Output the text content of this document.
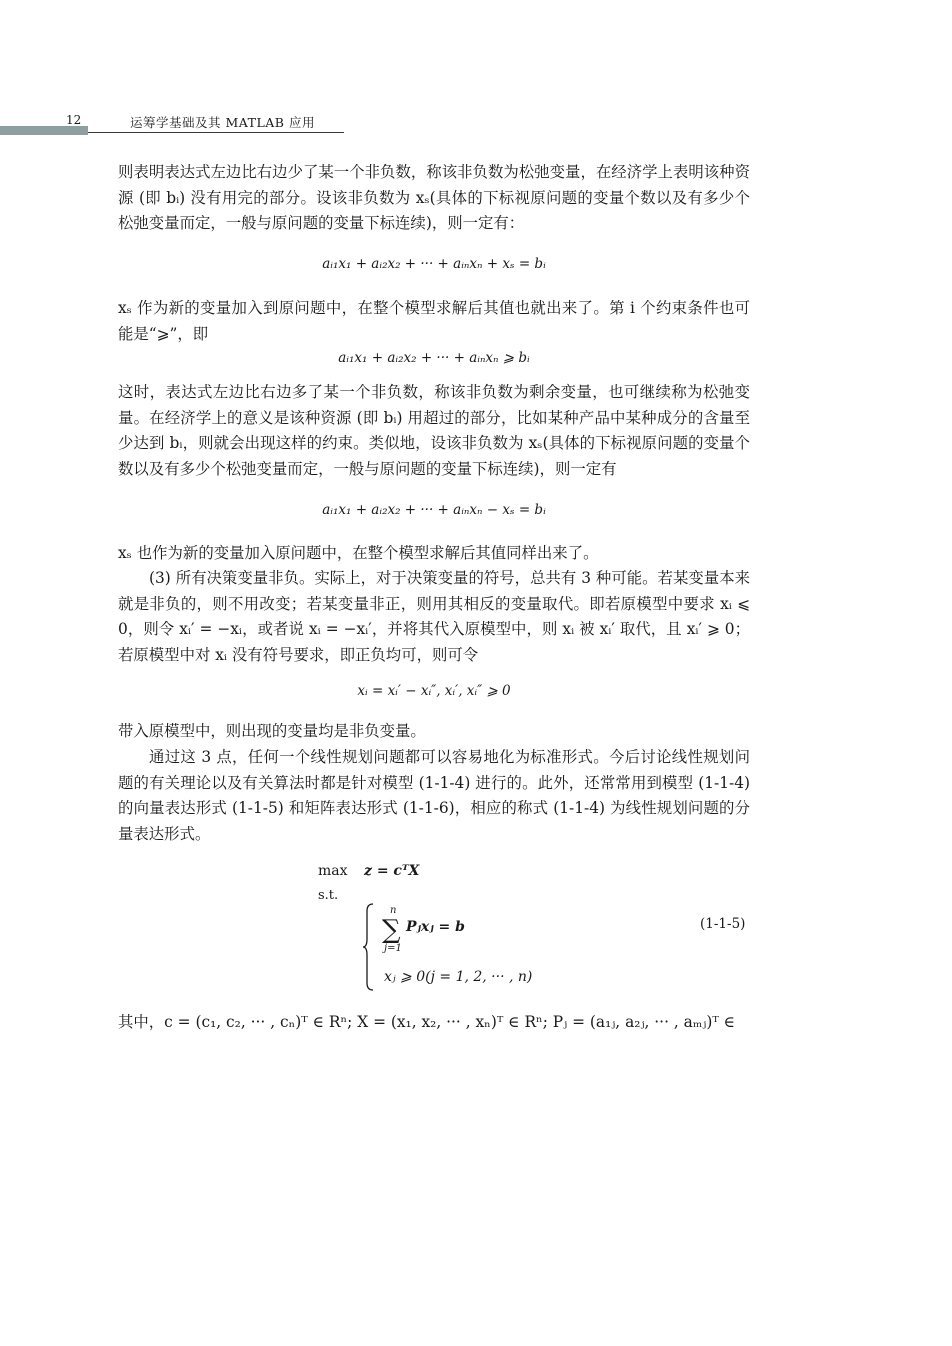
12	运筹学基础及其 MATLAB 应用

则表明表达式左边比右边少了某一个非负数，称该非负数为松弛变量，在经济学上表明该种资源 (即 bᵢ) 没有用完的部分。设该非负数为 xₛ(具体的下标视原问题的变量个数以及有多少个松弛变量而定，一般与原问题的变量下标连续)，则一定有：

aᵢ₁x₁ + aᵢ₂x₂ + ··· + aᵢₙxₙ + xₛ = bᵢ

xₛ 作为新的变量加入到原问题中，在整个模型求解后其值也就出来了。第 i 个约束条件也可能是“⩾”，即

aᵢ₁x₁ + aᵢ₂x₂ + ··· + aᵢₙxₙ ⩾ bᵢ

这时，表达式左边比右边多了某一个非负数，称该非负数为剩余变量，也可继续称为松弛变量。在经济学上的意义是该种资源 (即 bᵢ) 用超过的部分，比如某种产品中某种成分的含量至少达到 bᵢ，则就会出现这样的约束。类似地，设该非负数为 xₛ(具体的下标视原问题的变量个数以及有多少个松弛变量而定，一般与原问题的变量下标连续)，则一定有

aᵢ₁x₁ + aᵢ₂x₂ + ··· + aᵢₙxₙ − xₛ = bᵢ

xₛ 也作为新的变量加入原问题中，在整个模型求解后其值同样出来了。

(3) 所有决策变量非负。实际上，对于决策变量的符号，总共有 3 种可能。若某变量本来就是非负的，则不用改变；若某变量非正，则用其相反的变量取代。即若原模型中要求 xᵢ ⩽ 0，则令 xᵢ′ = −xᵢ，或者说 xᵢ = −xᵢ′，并将其代入原模型中，则 xᵢ 被 xᵢ′ 取代，且 xᵢ′ ⩾ 0；若原模型中对 xᵢ 没有符号要求，即正负均可，则可令

xᵢ = xᵢ′ − xᵢ″, xᵢ′, xᵢ″ ⩾ 0

带入原模型中，则出现的变量均是非负变量。

通过这 3 点，任何一个线性规划问题都可以容易地化为标准形式。今后讨论线性规划问题的有关理论以及有关算法时都是针对模型 (1-1-4) 进行的。此外，还常常用到模型 (1-1-4) 的向量表达形式 (1-1-5) 和矩阵表达形式 (1-1-6)，相应的称式 (1-1-4) 为线性规划问题的分量表达形式。

max z = cᵀX
s.t.
n
∑
j=1
Pⱼxⱼ = b
xⱼ ⩾ 0(j = 1, 2, ··· , n)
(1-1-5)

其中，c = (c₁, c₂, ··· , cₙ)ᵀ ∈ Rⁿ; X = (x₁, x₂, ··· , xₙ)ᵀ ∈ Rⁿ; Pⱼ = (a₁ⱼ, a₂ⱼ, ··· , aₘⱼ)ᵀ ∈
